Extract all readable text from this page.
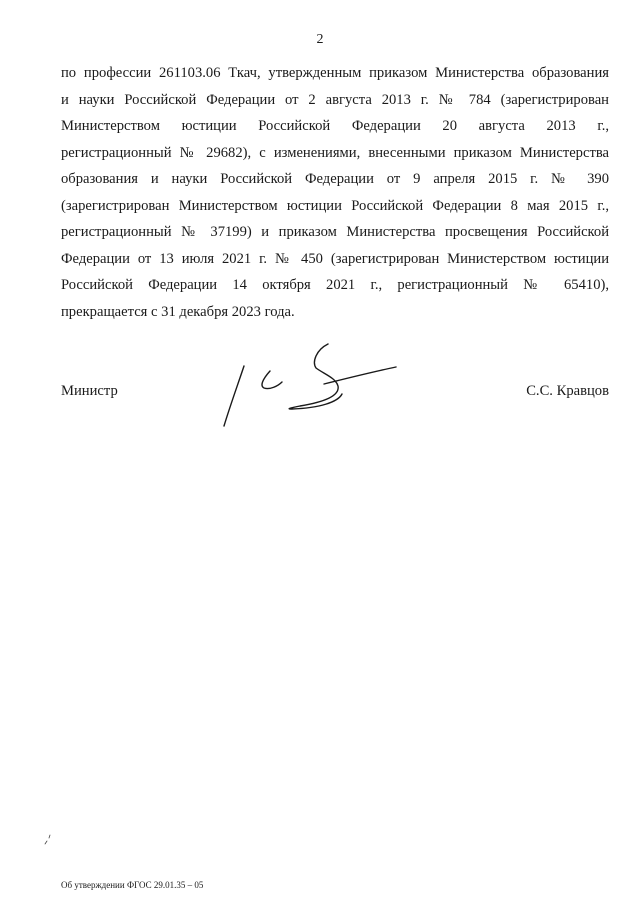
2
по профессии 261103.06 Ткач, утвержденным приказом Министерства образования
и науки Российской Федерации от 2 августа 2013 г. № 784 (зарегистрирован
Министерством юстиции Российской Федерации 20 августа 2013 г.,
регистрационный № 29682), с изменениями, внесенными приказом Министерства
образования и науки Российской Федерации от 9 апреля 2015 г. № 390
(зарегистрирован Министерством юстиции Российской Федерации 8 мая 2015 г.,
регистрационный № 37199) и приказом Министерства просвещения Российской
Федерации от 13 июля 2021 г. № 450 (зарегистрирован Министерством юстиции
Российской Федерации 14 октября 2021 г., регистрационный № 65410),
прекращается с 31 декабря 2023 года.
Министр	С.С. Кравцов
Об утверждении ФГОС 29.01.35 – 05
